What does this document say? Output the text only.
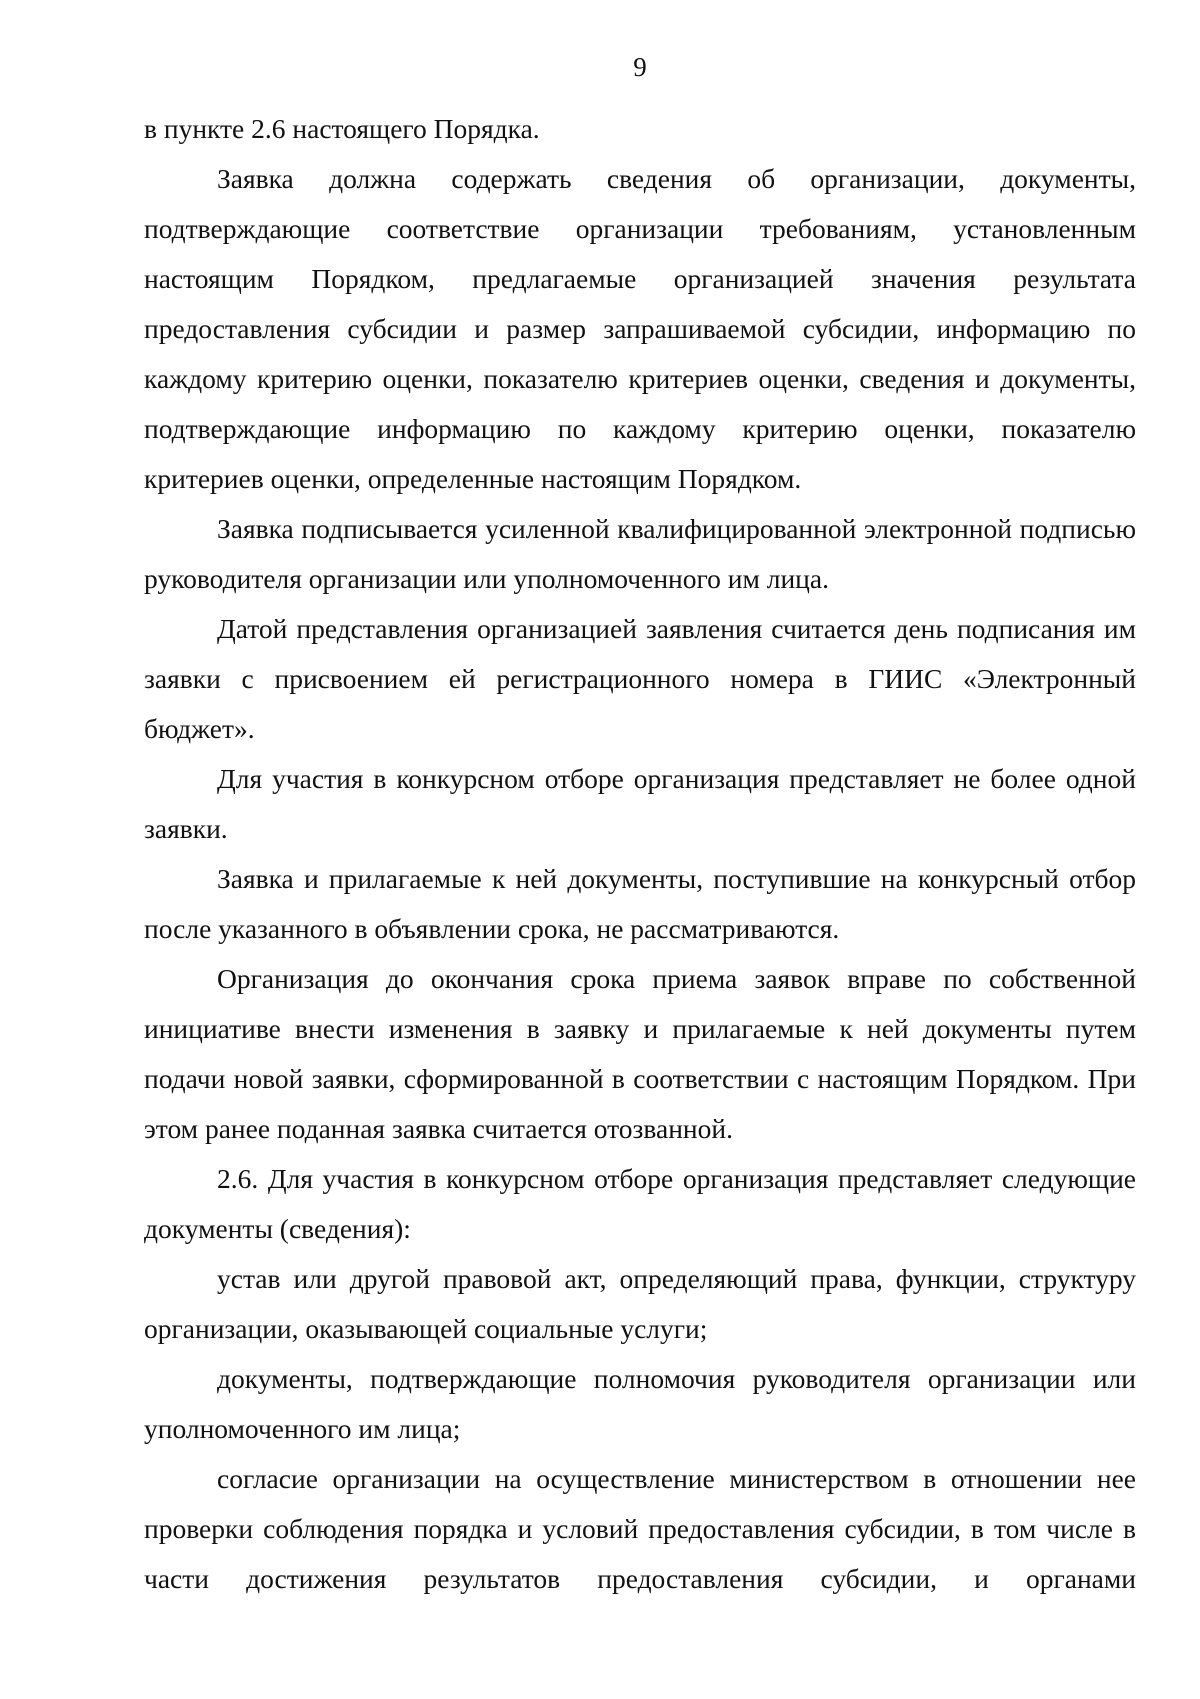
9

в пункте 2.6 настоящего Порядка.

Заявка должна содержать сведения об организации, документы, подтверждающие соответствие организации требованиям, установленным настоящим Порядком, предлагаемые организацией значения результата предоставления субсидии и размер запрашиваемой субсидии, информацию по каждому критерию оценки, показателю критериев оценки, сведения и документы, подтверждающие информацию по каждому критерию оценки, показателю критериев оценки, определенные настоящим Порядком.

Заявка подписывается усиленной квалифицированной электронной подписью руководителя организации или уполномоченного им лица.

Датой представления организацией заявления считается день подписания им заявки с присвоением ей регистрационного номера в ГИИС «Электронный бюджет».

Для участия в конкурсном отборе организация представляет не более одной заявки.

Заявка и прилагаемые к ней документы, поступившие на конкурсный отбор после указанного в объявлении срока, не рассматриваются.

Организация до окончания срока приема заявок вправе по собственной инициативе внести изменения в заявку и прилагаемые к ней документы путем подачи новой заявки, сформированной в соответствии с настоящим Порядком. При этом ранее поданная заявка считается отозванной.

2.6. Для участия в конкурсном отборе организация представляет следующие документы (сведения):

устав или другой правовой акт, определяющий права, функции, структуру организации, оказывающей социальные услуги;

документы, подтверждающие полномочия руководителя организации или уполномоченного им лица;

согласие организации на осуществление министерством в отношении нее проверки соблюдения порядка и условий предоставления субсидии, в том числе в части достижения результатов предоставления субсидии, и органами
